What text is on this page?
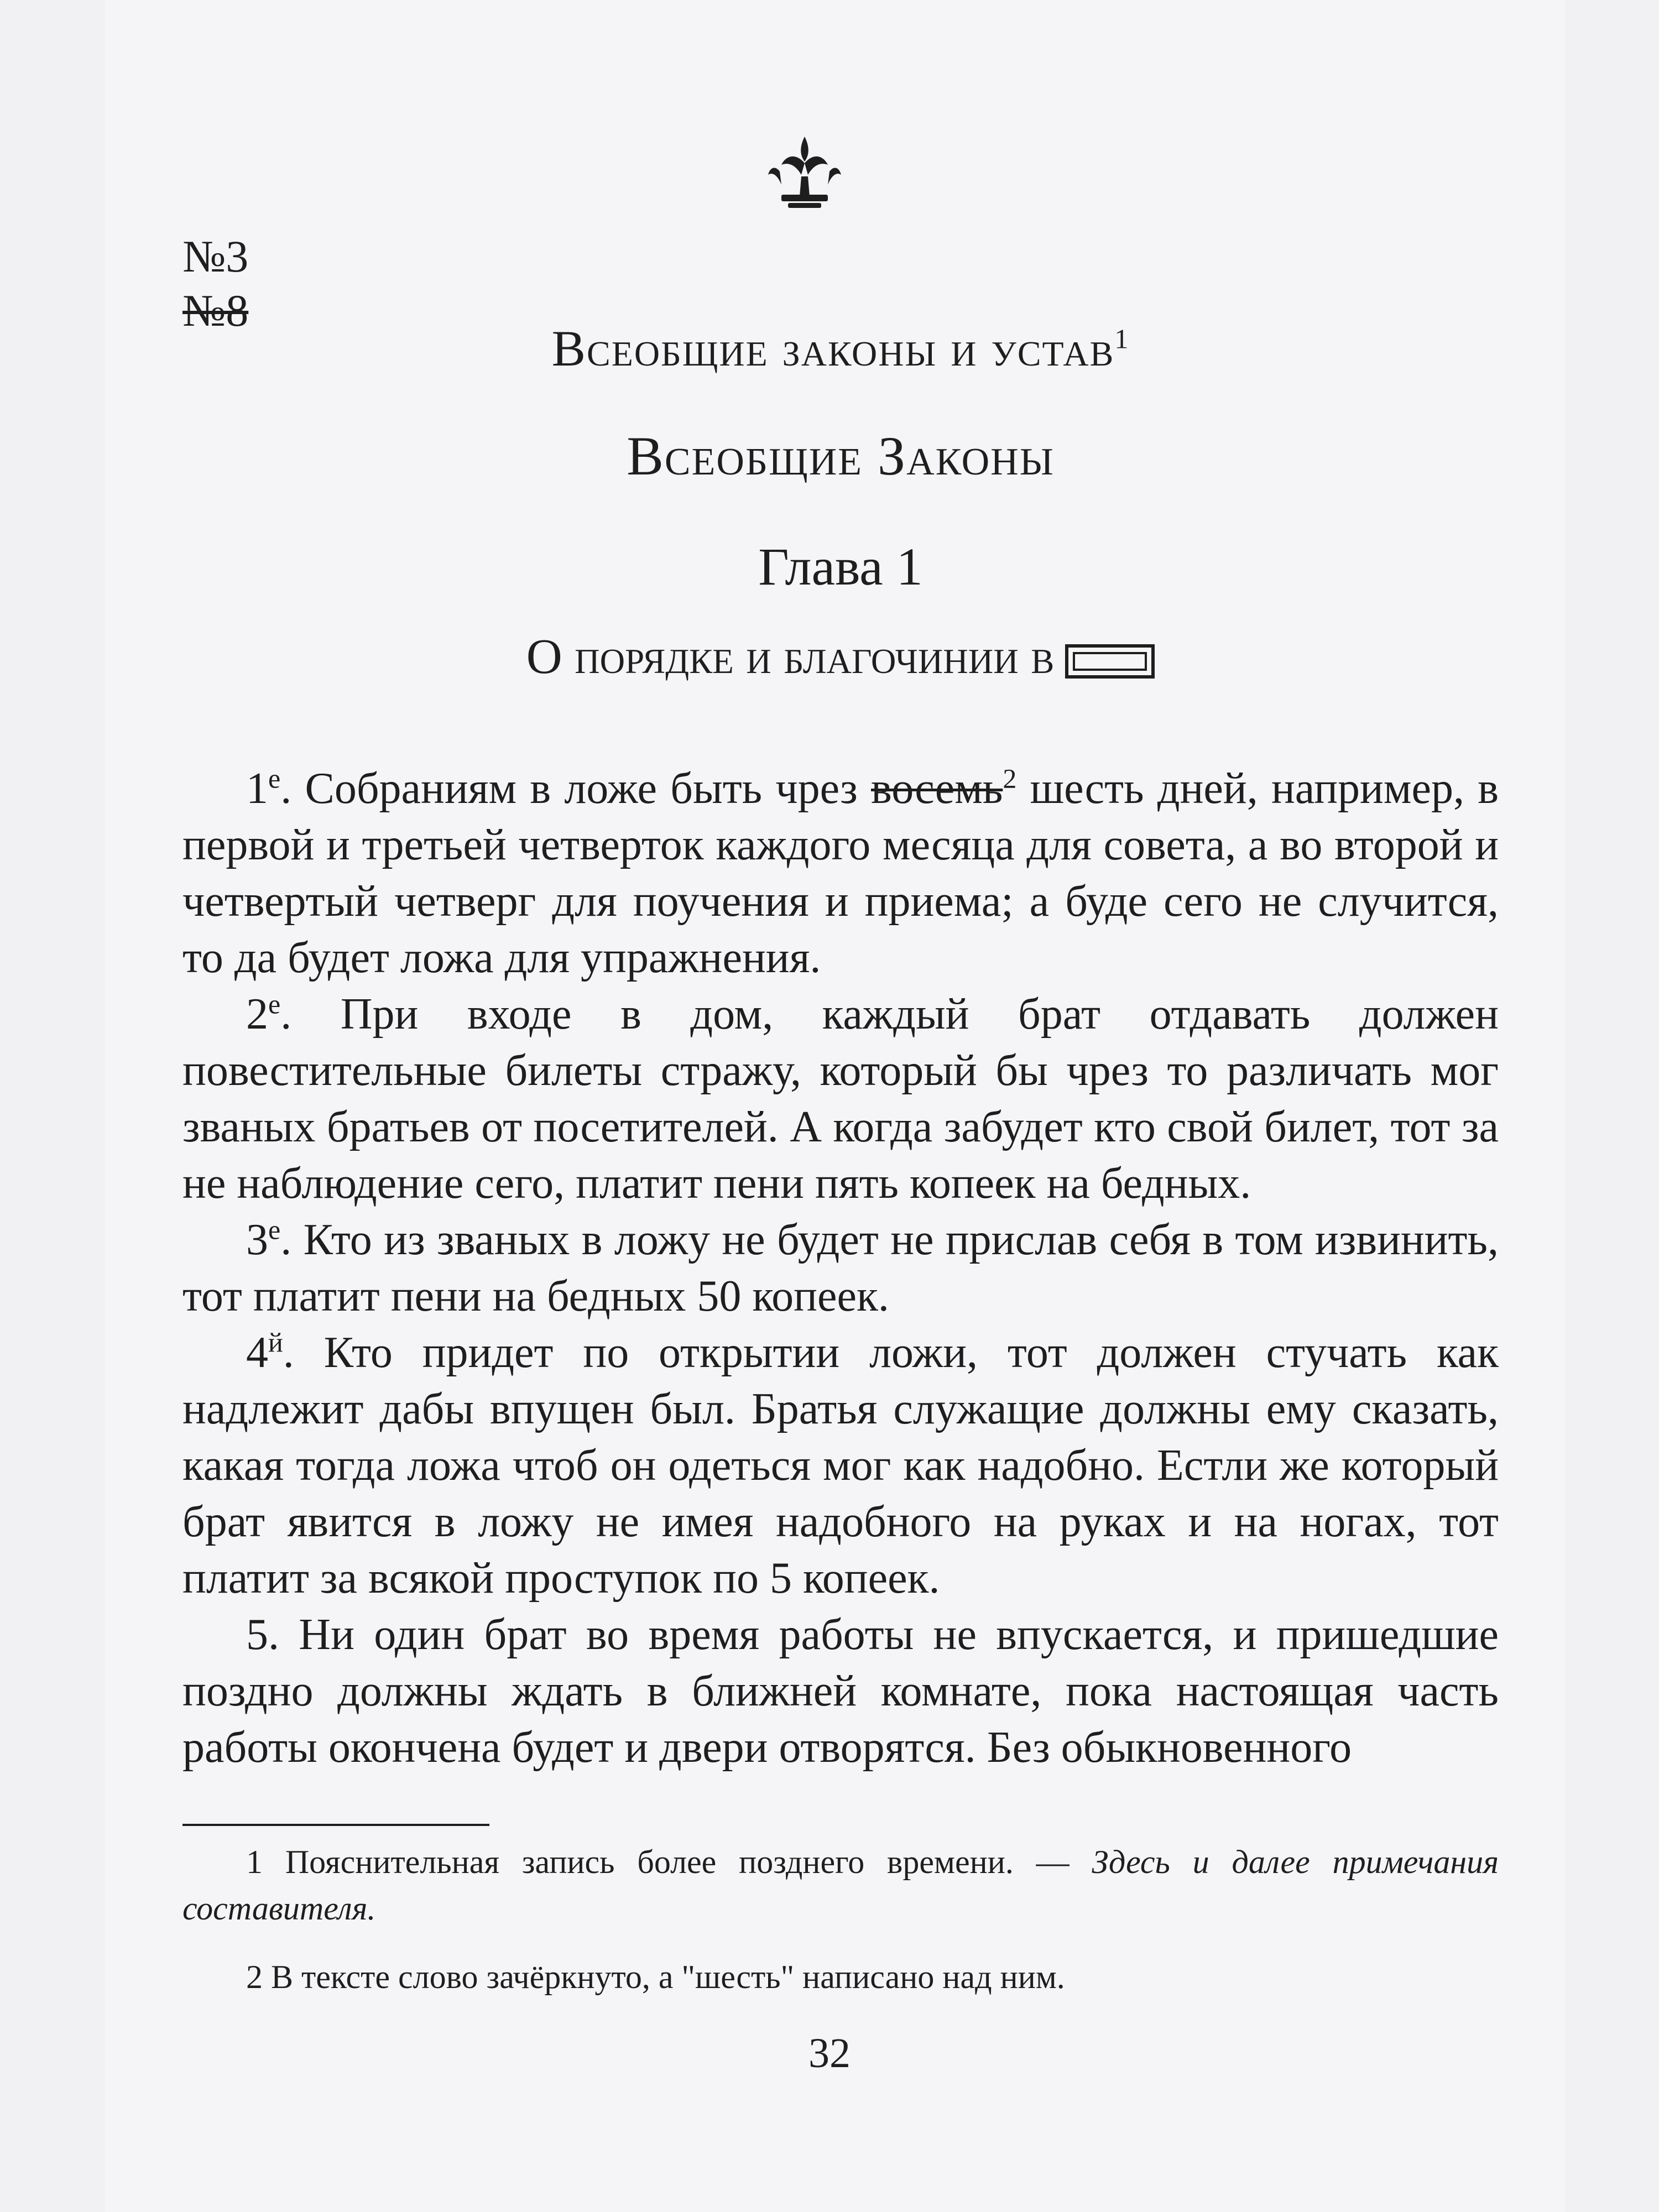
№3
№8
Всеобщие законы и устав$^1$
Всеобщие Законы
Глава 1
О порядке и благочинии в

$1^е$. Собраниям в ложе быть чрез восемь$^2$ шесть дней, например, в первой и третьей четверток каждого месяца для совета, а во второй и четвертый четверг для поучения и приема; а буде сего не случится, то да будет ложа для упражнения.

$2^е$. При входе в дом, каждый брат отдавать должен повестительные билеты стражу, который бы чрез то различать мог званых братьев от посетителей. А когда забудет кто свой билет, тот за не наблюдение сего, платит пени пять копеек на бедных.

$3^е$. Кто из званых в ложу не будет не прислав себя в том извинить, тот платит пени на бедных 50 копеек.

$4^й$. Кто придет по открытии ложи, тот должен стучать как надлежит дабы впущен был. Братья служащие должны ему сказать, какая тогда ложа чтоб он одеться мог как надобно. Естли же который брат явится в ложу не имея надобного на руках и на ногах, тот платит за всякой проступок по 5 копеек.

5. Ни один брат во время работы не впускается, и пришедшие поздно должны ждать в ближней комнате, пока настоящая часть работы окончена будет и двери отворятся. Без обыкновенного

1 Пояснительная запись более позднего времени. — Здесь и далее примечания составителя.

2 В тексте слово зачёркнуто, а "шесть" написано над ним.

32
